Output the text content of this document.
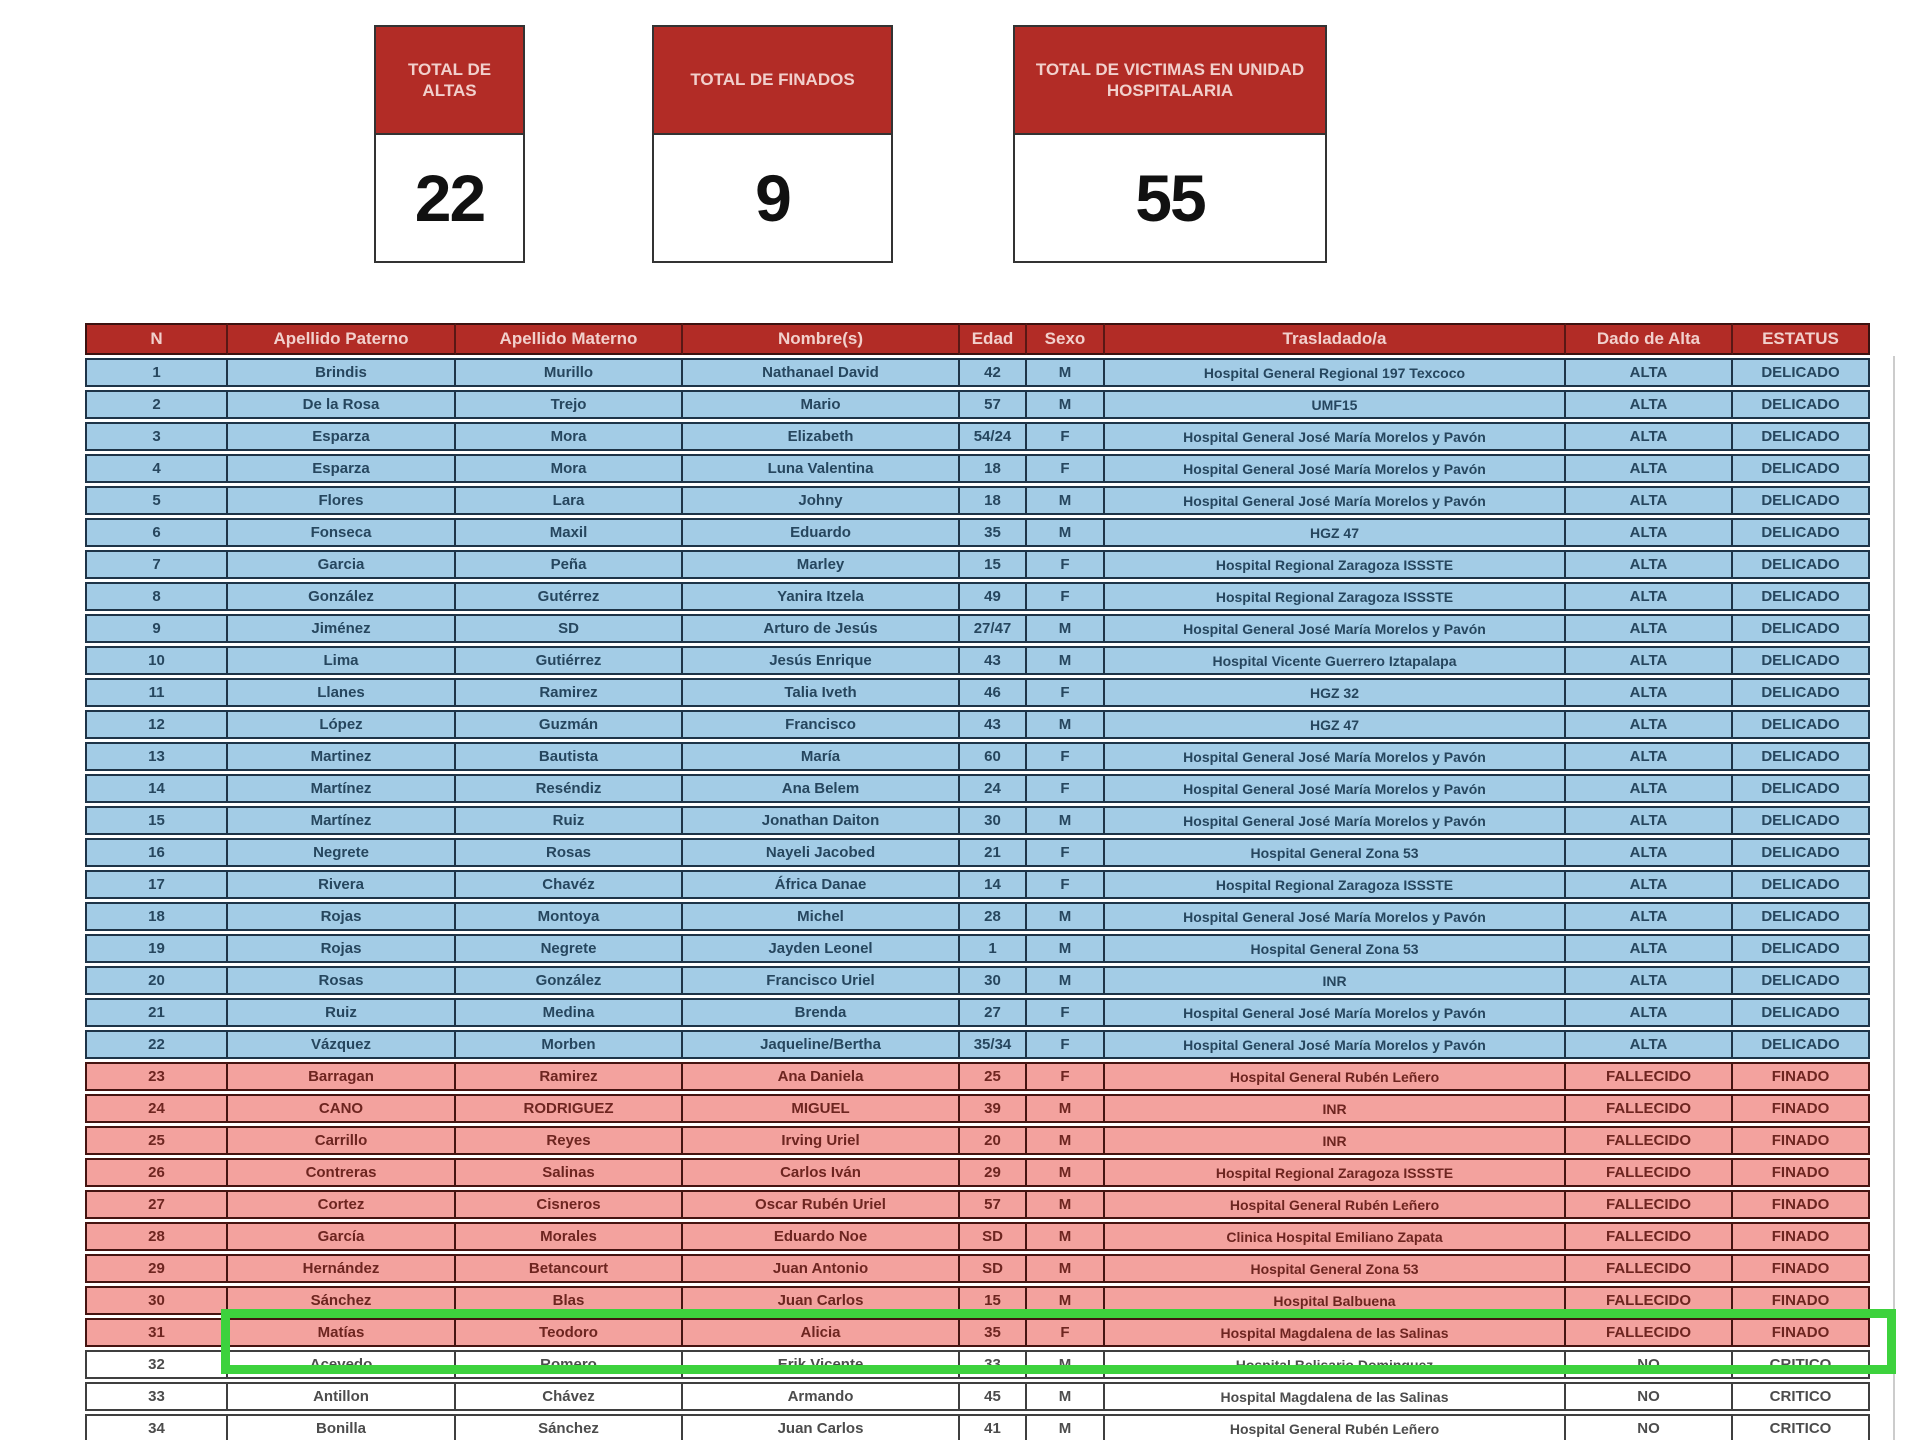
TOTAL DE ALTAS
22
TOTAL DE FINADOS
9
TOTAL DE VICTIMAS EN UNIDAD HOSPITALARIA
55
N	Apellido Paterno	Apellido Materno	Nombre(s)	Edad	Sexo	Trasladado/a	Dado de Alta	ESTATUS
1	Brindis	Murillo	Nathanael David	42	M	Hospital General Regional 197 Texcoco	ALTA	DELICADO
2	De la Rosa	Trejo	Mario	57	M	UMF15	ALTA	DELICADO
3	Esparza	Mora	Elizabeth	54/24	F	Hospital General José María Morelos y Pavón	ALTA	DELICADO
4	Esparza	Mora	Luna Valentina	18	F	Hospital General José María Morelos y Pavón	ALTA	DELICADO
5	Flores	Lara	Johny	18	M	Hospital General José María Morelos y Pavón	ALTA	DELICADO
6	Fonseca	Maxil	Eduardo	35	M	HGZ 47	ALTA	DELICADO
7	Garcia	Peña	Marley	15	F	Hospital Regional Zaragoza ISSSTE	ALTA	DELICADO
8	González	Gutérrez	Yanira Itzela	49	F	Hospital Regional Zaragoza ISSSTE	ALTA	DELICADO
9	Jiménez	SD	Arturo de Jesús	27/47	M	Hospital General José María Morelos y Pavón	ALTA	DELICADO
10	Lima	Gutiérrez	Jesús Enrique	43	M	Hospital Vicente Guerrero Iztapalapa	ALTA	DELICADO
11	Llanes	Ramirez	Talia Iveth	46	F	HGZ 32	ALTA	DELICADO
12	López	Guzmán	Francisco	43	M	HGZ 47	ALTA	DELICADO
13	Martinez	Bautista	María	60	F	Hospital General José María Morelos y Pavón	ALTA	DELICADO
14	Martínez	Reséndiz	Ana Belem	24	F	Hospital General José María Morelos y Pavón	ALTA	DELICADO
15	Martínez	Ruiz	Jonathan Daiton	30	M	Hospital General José María Morelos y Pavón	ALTA	DELICADO
16	Negrete	Rosas	Nayeli Jacobed	21	F	Hospital General Zona 53	ALTA	DELICADO
17	Rivera	Chavéz	África Danae	14	F	Hospital Regional Zaragoza ISSSTE	ALTA	DELICADO
18	Rojas	Montoya	Michel	28	M	Hospital General José María Morelos y Pavón	ALTA	DELICADO
19	Rojas	Negrete	Jayden Leonel	1	M	Hospital General Zona 53	ALTA	DELICADO
20	Rosas	González	Francisco Uriel	30	M	INR	ALTA	DELICADO
21	Ruiz	Medina	Brenda	27	F	Hospital General José María Morelos y Pavón	ALTA	DELICADO
22	Vázquez	Morben	Jaqueline/Bertha	35/34	F	Hospital General José María Morelos y Pavón	ALTA	DELICADO
23	Barragan	Ramirez	Ana Daniela	25	F	Hospital General Rubén Leñero	FALLECIDO	FINADO
24	CANO	RODRIGUEZ	MIGUEL	39	M	INR	FALLECIDO	FINADO
25	Carrillo	Reyes	Irving Uriel	20	M	INR	FALLECIDO	FINADO
26	Contreras	Salinas	Carlos Iván	29	M	Hospital Regional Zaragoza ISSSTE	FALLECIDO	FINADO
27	Cortez	Cisneros	Oscar Rubén Uriel	57	M	Hospital General Rubén Leñero	FALLECIDO	FINADO
28	García	Morales	Eduardo Noe	SD	M	Clinica Hospital Emiliano Zapata	FALLECIDO	FINADO
29	Hernández	Betancourt	Juan Antonio	SD	M	Hospital General Zona 53	FALLECIDO	FINADO
30	Sánchez	Blas	Juan Carlos	15	M	Hospital Balbuena	FALLECIDO	FINADO
31	Matías	Teodoro	Alicia	35	F	Hospital Magdalena de las Salinas	FALLECIDO	FINADO
32	Acevedo	Romero	Erik Vicente	33	M	Hospital Belisario Dominguez	NO	CRITICO
33	Antillon	Chávez	Armando	45	M	Hospital Magdalena de las Salinas	NO	CRITICO
34	Bonilla	Sánchez	Juan Carlos	41	M	Hospital General Rubén Leñero	NO	CRITICO
